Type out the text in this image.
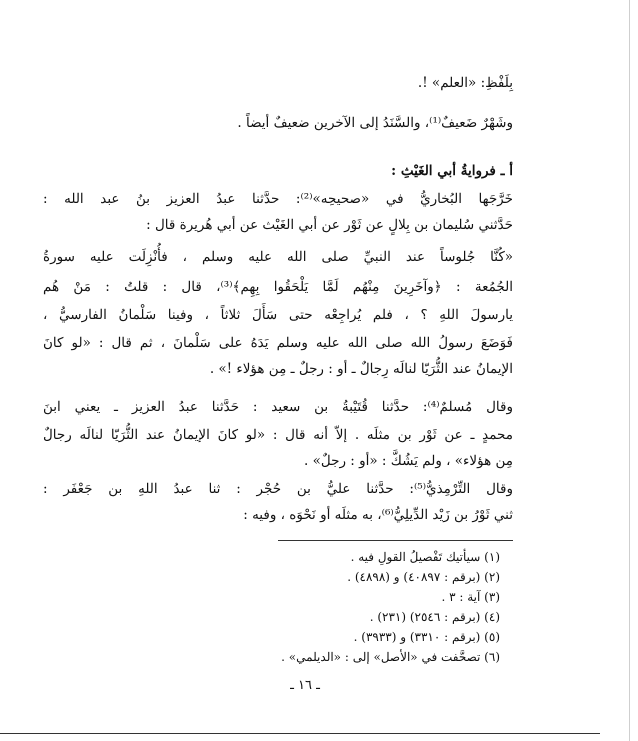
بِلَفْظِ: «العلم» !.
وشَهْرٌ ضَعيفٌ⁽¹⁾، والسَّنَدُ إلى الآخرين ضعيفٌ أيضاً .
أ ـ فروايةُ أبي الغَيْثِ :
خَرَّجَها البُخاريُّ في «صحيحِه»⁽²⁾: حدَّثنا عبدُ العزيز بنُ عبد الله :
حَدَّثني سُليمان بن بِلالٍ عن ثَوْر عن أبي الغَيْث عن أبي هُريرة قال :
«كُنَّا جُلوساً عند النبيِّ صلى الله عليه وسلم ، فأُنْزِلَت عليه سورةُ
الجُمُعة : ﴿وآخَرِينَ مِنْهُم لَمَّا يَلْحَقُوا بِهِم﴾⁽³⁾، قال : قلتُ : مَنْ هُم
يارسولَ اللهِ ؟ ، فلم يُراجِعْه حتى سَأَلَ ثلاثاً ، وفينا سَلْمانُ الفارسيُّ ،
فَوَضَعَ رسولُ الله صلى الله عليه وسلم يَدَهُ على سَلْمانَ ، ثم قال : «لو كانَ
الإيمانُ عند الثُّرَيّا لنالَه رِجالٌ ـ أو : رجلٌ ـ مِن هؤلاء !» .
وقال مُسلمٌ⁽⁴⁾: حدَّثنا قُتَيْبةُ بن سعيد : حَدَّثنا عبدُ العزيز ـ يعني ابنَ
محمدٍ ـ عن ثَوْر بن مثلَه . إلاّ أنه قال : «لو كانَ الإيمانُ عند الثُّرَيّا لنالَه رجالٌ
مِن هؤلاء» ، ولم يَشُكَّ : «أو : رجلٌ» .
وقال التِّرْمِذيُّ⁽⁵⁾: حدَّثنا عليُّ بن حُجْر : ثنا عبدُ اللهِ بن جَعْفَر :
ثني ثَوْرُ بن زَيْد الدِّيلِيُّ⁽⁶⁾، به مثلَه أو نَحْوَه ، وفيه :
(١) سيأتيك تَفْصيلُ القولِ فيه .
(٢) (برقم : ٤٠٨٩٧) و (٤٨٩٨) .
(٣) آية : ٣ .
(٤) (برقم : ٢٥٤٦) (٢٣١) .
(٥) (برقم : ٣٣١٠) و (٣٩٣٣) .
(٦) تصحَّفت في «الأصل» إلى : «الديلمي» .
ـ ١٦ ـ
